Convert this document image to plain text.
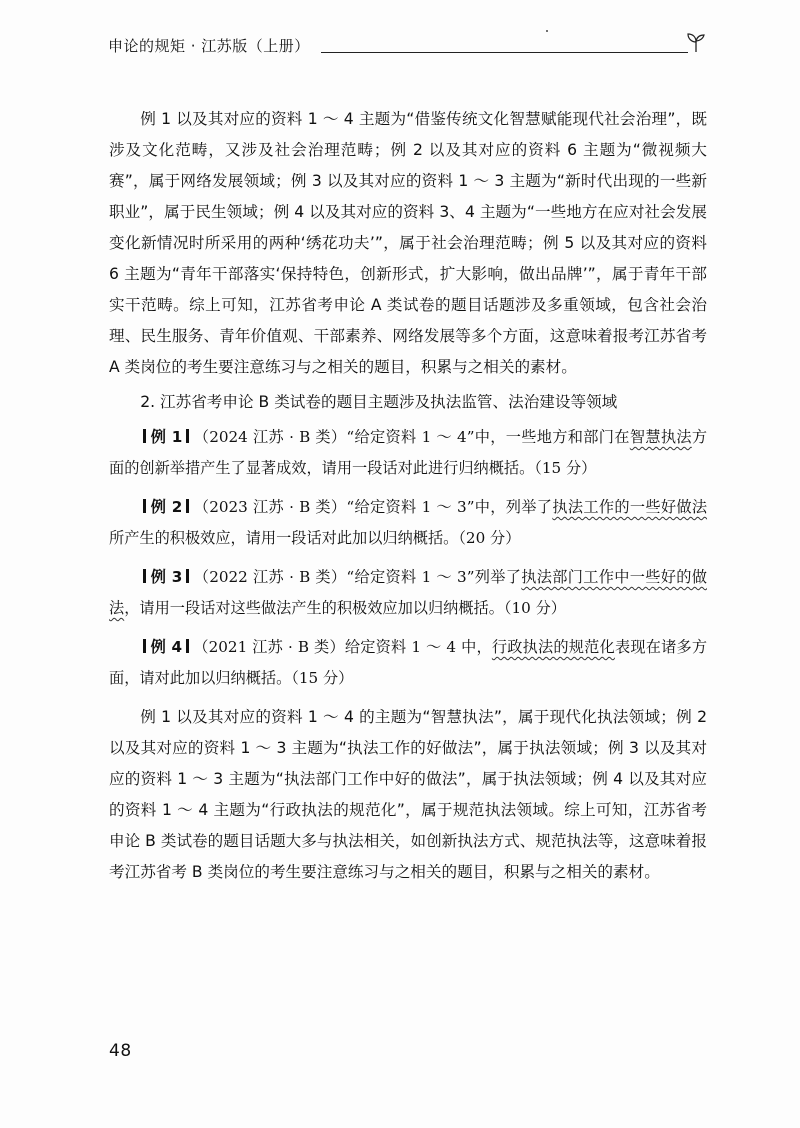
申论的规矩 · 江苏版（上册）

例 1 以及其对应的资料 1 ～ 4 主题为“借鉴传统文化智慧赋能现代社会治理”，既涉及文化范畴，又涉及社会治理范畴；例 2 以及其对应的资料 6 主题为“微视频大赛”，属于网络发展领域；例 3 以及其对应的资料 1 ～ 3 主题为“新时代出现的一些新职业”，属于民生领域；例 4 以及其对应的资料 3、4 主题为“一些地方在应对社会发展变化新情况时所采用的两种‘绣花功夫’”，属于社会治理范畴；例 5 以及其对应的资料 6 主题为“青年干部落实‘保持特色，创新形式，扩大影响，做出品牌’”，属于青年干部实干范畴。综上可知，江苏省考申论 A 类试卷的题目话题涉及多重领域，包含社会治理、民生服务、青年价值观、干部素养、网络发展等多个方面，这意味着报考江苏省考 A 类岗位的考生要注意练习与之相关的题目，积累与之相关的素材。

2. 江苏省考申论 B 类试卷的题目主题涉及执法监管、法治建设等领域

例 1 （2024 江苏 · B 类）“给定资料 1 ～ 4”中，一些地方和部门在智慧执法方面的创新举措产生了显著成效，请用一段话对此进行归纳概括。（15 分）

例 2 （2023 江苏 · B 类）“给定资料 1 ～ 3”中，列举了执法工作的一些好做法所产生的积极效应，请用一段话对此加以归纳概括。（20 分）

例 3 （2022 江苏 · B 类）“给定资料 1 ～ 3”列举了执法部门工作中一些好的做法，请用一段话对这些做法产生的积极效应加以归纳概括。（10 分）

例 4 （2021 江苏 · B 类）给定资料 1 ～ 4 中，行政执法的规范化表现在诸多方面，请对此加以归纳概括。（15 分）

例 1 以及其对应的资料 1 ～ 4 的主题为“智慧执法”，属于现代化执法领域；例 2 以及其对应的资料 1 ～ 3 主题为“执法工作的好做法”，属于执法领域；例 3 以及其对应的资料 1 ～ 3 主题为“执法部门工作中好的做法”，属于执法领域；例 4 以及其对应的资料 1 ～ 4 主题为“行政执法的规范化”，属于规范执法领域。综上可知，江苏省考申论 B 类试卷的题目话题大多与执法相关，如创新执法方式、规范执法等，这意味着报考江苏省考 B 类岗位的考生要注意练习与之相关的题目，积累与之相关的素材。

48
